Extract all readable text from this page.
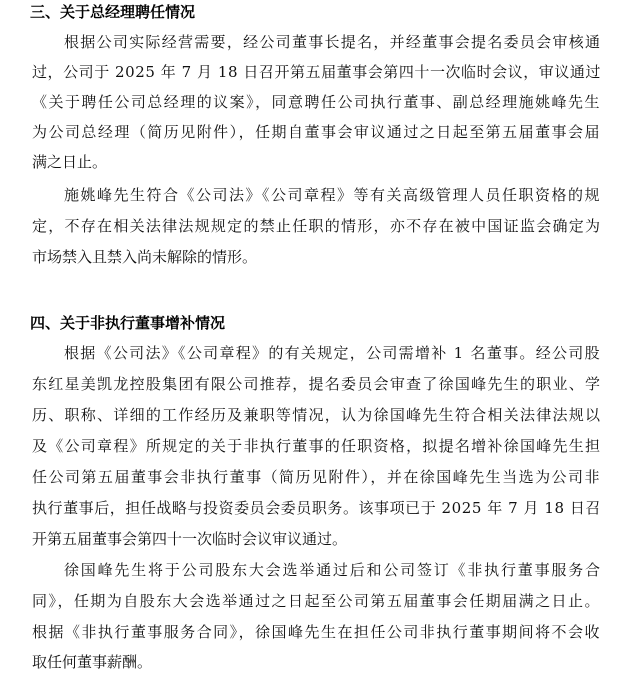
三、关于总经理聘任情况
根据公司实际经营需要，经公司董事长提名，并经董事会提名委员会审核通
过，公司于 2025 年 7 月 18 日召开第五届董事会第四十一次临时会议，审议通过
《关于聘任公司总经理的议案》，同意聘任公司执行董事、副总经理施姚峰先生
为公司总经理（简历见附件），任期自董事会审议通过之日起至第五届董事会届
满之日止。
施姚峰先生符合《公司法》《公司章程》等有关高级管理人员任职资格的规
定，不存在相关法律法规规定的禁止任职的情形，亦不存在被中国证监会确定为
市场禁入且禁入尚未解除的情形。
四、关于非执行董事增补情况
根据《公司法》《公司章程》的有关规定，公司需增补 1 名董事。经公司股
东红星美凯龙控股集团有限公司推荐，提名委员会审查了徐国峰先生的职业、学
历、职称、详细的工作经历及兼职等情况，认为徐国峰先生符合相关法律法规以
及《公司章程》所规定的关于非执行董事的任职资格，拟提名增补徐国峰先生担
任公司第五届董事会非执行董事（简历见附件），并在徐国峰先生当选为公司非
执行董事后，担任战略与投资委员会委员职务。该事项已于 2025 年 7 月 18 日召
开第五届董事会第四十一次临时会议审议通过。
徐国峰先生将于公司股东大会选举通过后和公司签订《非执行董事服务合
同》，任期为自股东大会选举通过之日起至公司第五届董事会任期届满之日止。
根据《非执行董事服务合同》，徐国峰先生在担任公司非执行董事期间将不会收
取任何董事薪酬。
